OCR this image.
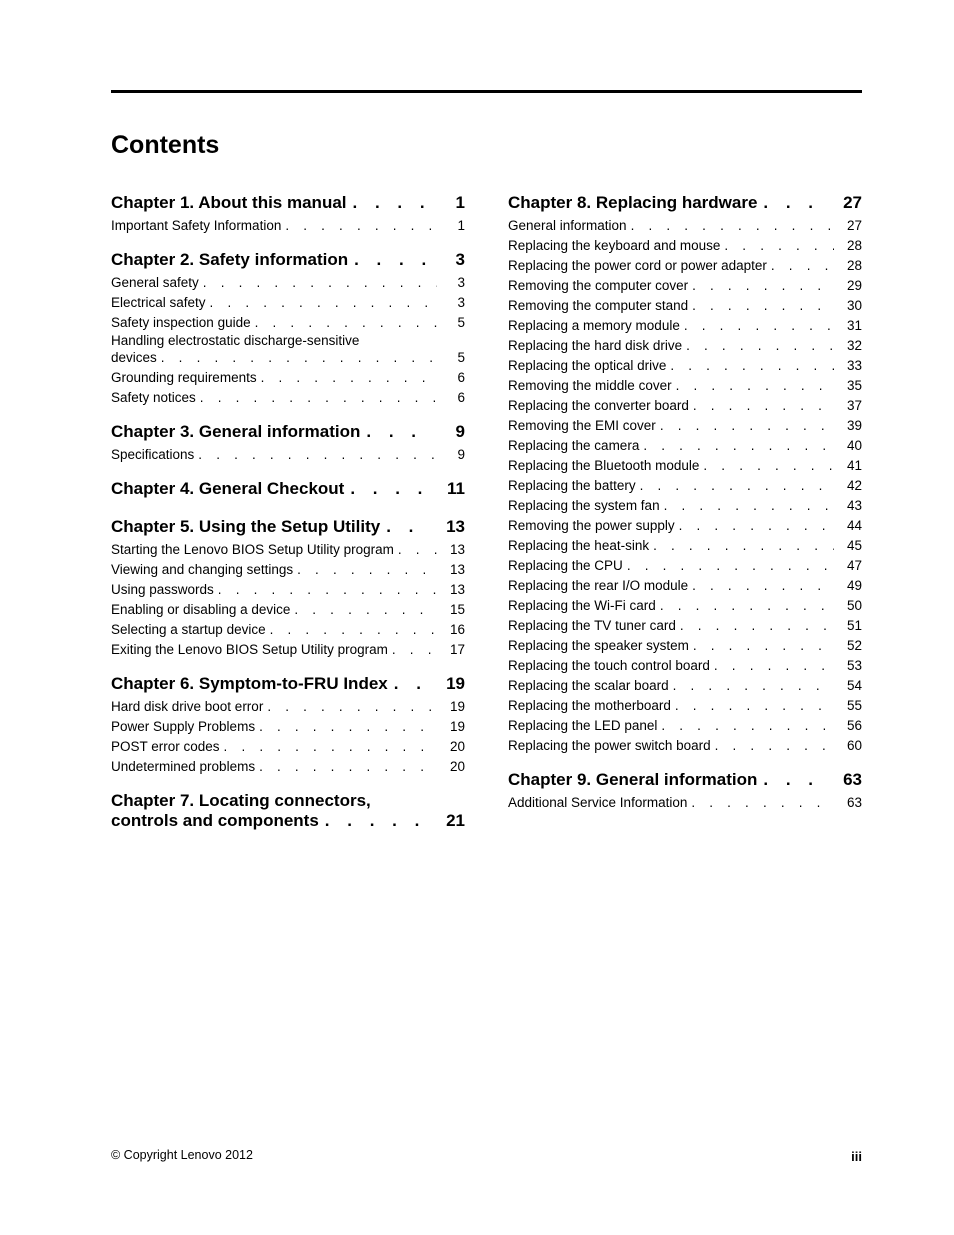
Contents
Chapter 1. About this manual . . .	1
Important Safety Information . . .	1
Chapter 2. Safety information . . .	3
General safety . . .	3
Electrical safety . . .	3
Safety inspection guide . . .	5
Handling electrostatic discharge-sensitive
devices . . .	5
Grounding requirements . . .	6
Safety notices . . .	6
Chapter 3. General information . . .	9
Specifications . . .	9
Chapter 4. General Checkout . . .	11
Chapter 5. Using the Setup Utility . . .	13
Starting the Lenovo BIOS Setup Utility program . . .	13
Viewing and changing settings . . .	13
Using passwords . . .	13
Enabling or disabling a device . . .	15
Selecting a startup device . . .	16
Exiting the Lenovo BIOS Setup Utility program . . .	17
Chapter 6. Symptom-to-FRU Index . . .	19
Hard disk drive boot error . . .	19
Power Supply Problems . . .	19
POST error codes . . .	20
Undetermined problems . . .	20
Chapter 7. Locating connectors,
controls and components . . .	21
Chapter 8. Replacing hardware . . .	27
General information . . .	27
Replacing the keyboard and mouse . . .	28
Replacing the power cord or power adapter . . .	28
Removing the computer cover . . .	29
Removing the computer stand . . .	30
Replacing a memory module . . .	31
Replacing the hard disk drive . . .	32
Replacing the optical drive . . .	33
Removing the middle cover . . .	35
Replacing the converter board . . .	37
Removing the EMI cover . . .	39
Replacing the camera . . .	40
Replacing the Bluetooth module . . .	41
Replacing the battery . . .	42
Replacing the system fan . . .	43
Removing the power supply . . .	44
Replacing the heat-sink . . .	45
Replacing the CPU . . .	47
Replacing the rear I/O module . . .	49
Replacing the Wi-Fi card . . .	50
Replacing the TV tuner card . . .	51
Replacing the speaker system . . .	52
Replacing the touch control board . . .	53
Replacing the scalar board . . .	54
Replacing the motherboard . . .	55
Replacing the LED panel . . .	56
Replacing the power switch board . . .	60
Chapter 9. General information . . .	63
Additional Service Information . . .	63
© Copyright Lenovo 2012	iii
